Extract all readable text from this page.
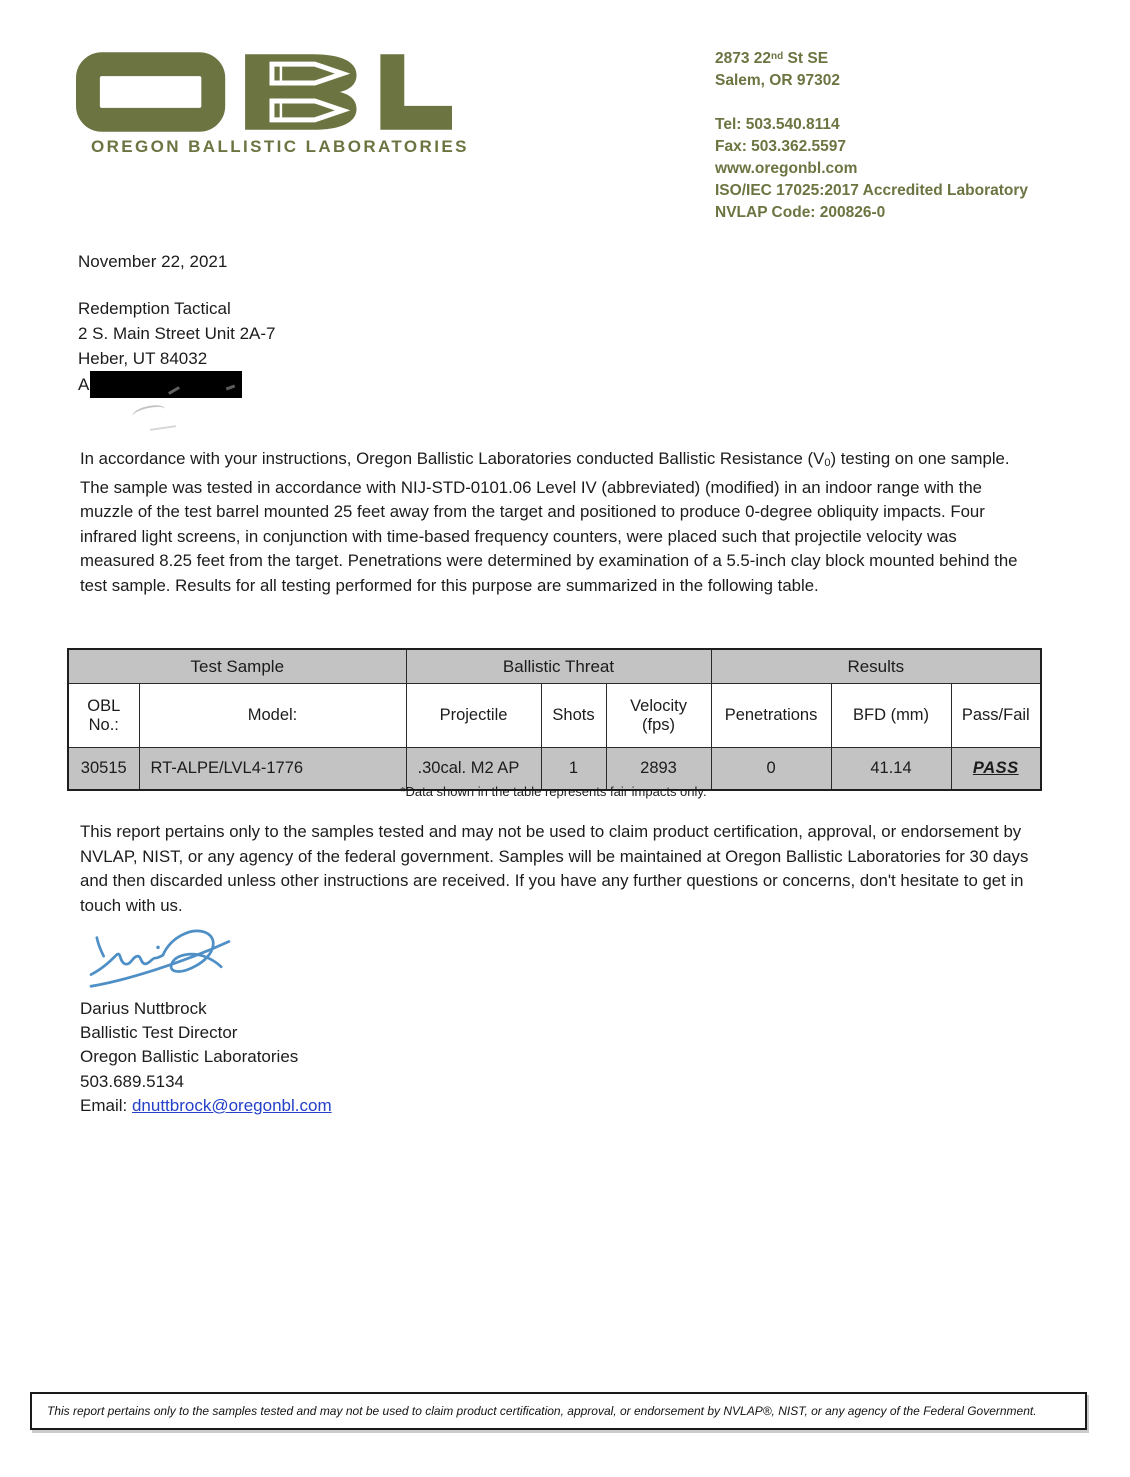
OREGON BALLISTIC LABORATORIES
2873 22nd St SE
Salem, OR 97302
Tel: 503.540.8114
Fax: 503.362.5597
www.oregonbl.com
ISO/IEC 17025:2017 Accredited Laboratory
NVLAP Code: 200826-0
November 22, 2021
Redemption Tactical
2 S. Main Street Unit 2A-7
Heber, UT 84032
A

In accordance with your instructions, Oregon Ballistic Laboratories conducted Ballistic Resistance $(V_0)$ testing on one sample.

The sample was tested in accordance with NIJ-STD-0101.06 Level IV (abbreviated) (modified) in an indoor range with the muzzle of the test barrel mounted 25 feet away from the target and positioned to produce 0-degree obliquity impacts. Four infrared light screens, in conjunction with time-based frequency counters, were placed such that projectile velocity was measured 8.25 feet from the target. Penetrations were determined by examination of a 5.5-inch clay block mounted behind the test sample. Results for all testing performed for this purpose are summarized in the following table.

Test Sample		Ballistic Threat			Results		
OBL No.:	Model:	Projectile	Shots	Velocity (fps)	Penetrations	BFD (mm)	Pass/Fail
30515	RT-ALPE/LVL4-1776	.30cal. M2 AP	1	2893	0	41.14	PASS
*Data shown in the table represents fair impacts only.

This report pertains only to the samples tested and may not be used to claim product certification, approval, or endorsement by NVLAP, NIST, or any agency of the federal government. Samples will be maintained at Oregon Ballistic Laboratories for 30 days and then discarded unless other instructions are received. If you have any further questions or concerns, don't hesitate to get in touch with us.

Darius Nuttbrock
Ballistic Test Director
Oregon Ballistic Laboratories
503.689.5134
Email: dnuttbrock@oregonbl.com
This report pertains only to the samples tested and may not be used to claim product certification, approval, or endorsement by NVLAP®, NIST, or any agency of the Federal Government.
